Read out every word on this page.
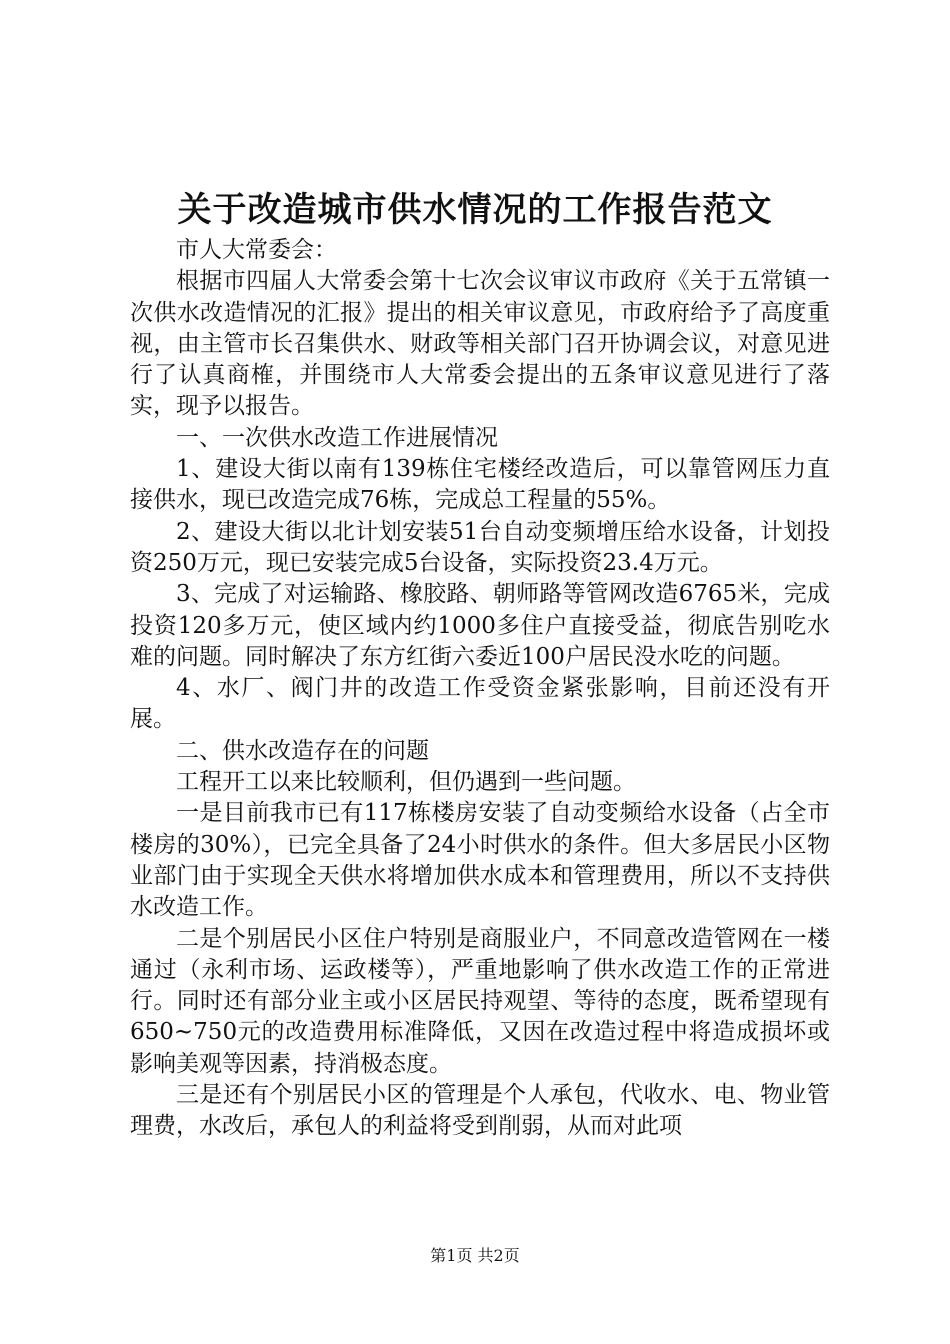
关于改造城市供水情况的工作报告范文

市人大常委会：

根据市四届人大常委会第十七次会议审议市政府《关于五常镇一次供水改造情况的汇报》提出的相关审议意见，市政府给予了高度重视，由主管市长召集供水、财政等相关部门召开协调会议，对意见进行了认真商榷，并围绕市人大常委会提出的五条审议意见进行了落实，现予以报告。

一、一次供水改造工作进展情况

1、建设大街以南有139栋住宅楼经改造后，可以靠管网压力直接供水，现已改造完成76栋，完成总工程量的55%。

2、建设大街以北计划安装51台自动变频增压给水设备，计划投资250万元，现已安装完成5台设备，实际投资23.4万元。

3、完成了对运输路、橡胶路、朝师路等管网改造6765米，完成投资120多万元，使区域内约1000多住户直接受益，彻底告别吃水难的问题。同时解决了东方红街六委近100户居民没水吃的问题。

4、水厂、阀门井的改造工作受资金紧张影响，目前还没有开展。

二、供水改造存在的问题

工程开工以来比较顺利，但仍遇到一些问题。

一是目前我市已有117栋楼房安装了自动变频给水设备（占全市楼房的30%），已完全具备了24小时供水的条件。但大多居民小区物业部门由于实现全天供水将增加供水成本和管理费用，所以不支持供水改造工作。

二是个别居民小区住户特别是商服业户，不同意改造管网在一楼通过（永利市场、运政楼等），严重地影响了供水改造工作的正常进行。同时还有部分业主或小区居民持观望、等待的态度，既希望现有650~750元的改造费用标准降低，又因在改造过程中将造成损坏或影响美观等因素，持消极态度。

三是还有个别居民小区的管理是个人承包，代收水、电、物业管理费，水改后，承包人的利益将受到削弱，从而对此项

第1页 共2页
